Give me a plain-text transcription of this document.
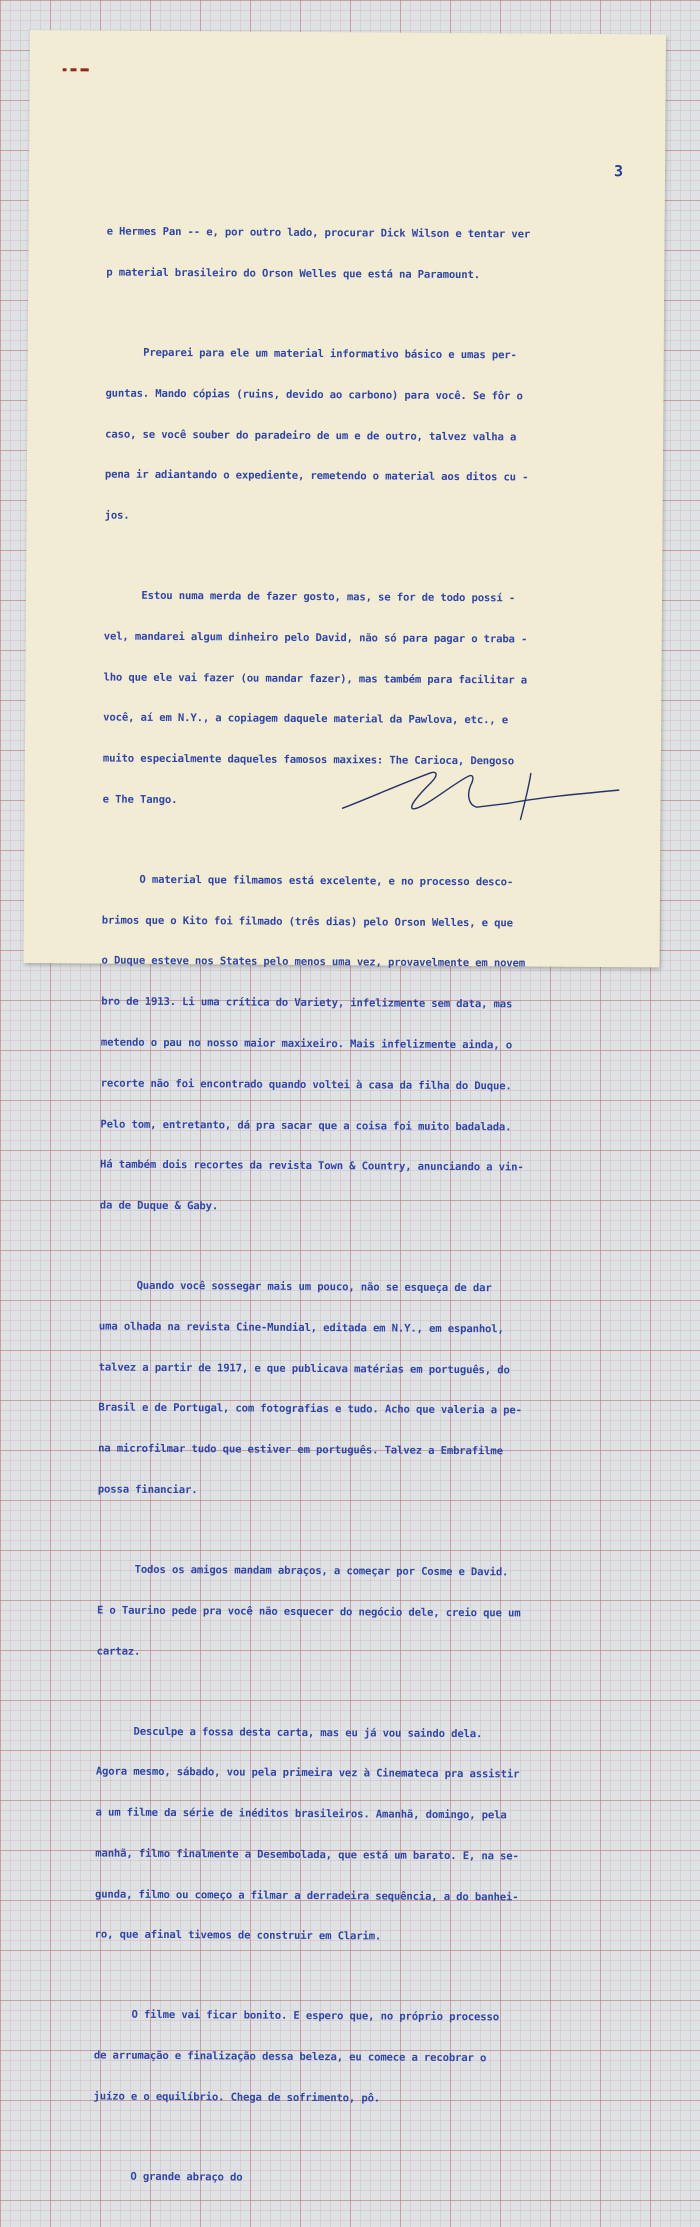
3

e Hermes Pan -- e, por outro lado, procurar Dick Wilson e tentar ver

p material brasileiro do Orson Welles que está na Paramount.

Preparei para ele um material informativo básico e umas per-

guntas. Mando cópias (ruins, devido ao carbono) para você. Se fôr o

caso, se você souber do paradeiro de um e de outro, talvez valha a

pena ir adiantando o expediente, remetendo o material aos ditos cu -

jos.

Estou numa merda de fazer gosto, mas, se for de todo possí -

vel, mandarei algum dinheiro pelo David, não só para pagar o traba -

lho que ele vai fazer (ou mandar fazer), mas também para facilitar a

você, aí em N.Y., a copiagem daquele material da Pawlova, etc., e

muito especialmente daqueles famosos maxixes: The Carioca, Dengoso

e The Tango.

O material que filmamos está excelente, e no processo desco-

brimos que o Kito foi filmado (três dias) pelo Orson Welles, e que

o Duque esteve nos States pelo menos uma vez, provavelmente em novem

bro de 1913. Li uma crítica do Variety, infelizmente sem data, mas

metendo o pau no nosso maior maxixeiro. Mais infelizmente ainda, o

recorte não foi encontrado quando voltei à casa da filha do Duque.

Pelo tom, entretanto, dá pra sacar que a coisa foi muito badalada.

Há também dois recortes da revista Town & Country, anunciando a vin-

da de Duque & Gaby.

Quando você sossegar mais um pouco, não se esqueça de dar

uma olhada na revista Cine-Mundial, editada em N.Y., em espanhol,

talvez a partir de 1917, e que publicava matérias em português, do

Brasil e de Portugal, com fotografias e tudo. Acho que valeria a pe-

na microfilmar tudo que estiver em português. Talvez a Embrafilme

possa financiar.

Todos os amigos mandam abraços, a começar por Cosme e David.

E o Taurino pede pra você não esquecer do negócio dele, creio que um

cartaz.

Desculpe a fossa desta carta, mas eu já vou saindo dela.

Agora mesmo, sábado, vou pela primeira vez à Cinemateca pra assistir

a um filme da série de inéditos brasileiros. Amanhã, domingo, pela

manhã, filmo finalmente a Desembolada, que está um barato. E, na se-

gunda, filmo ou começo a filmar a derradeira sequência, a do banhei-

ro, que afinal tivemos de construir em Clarim.

O filme vai ficar bonito. E espero que, no próprio processo

de arrumação e finalização dessa beleza, eu comece a recobrar o

juízo e o equilíbrio. Chega de sofrimento, pô.

O grande abraço do
